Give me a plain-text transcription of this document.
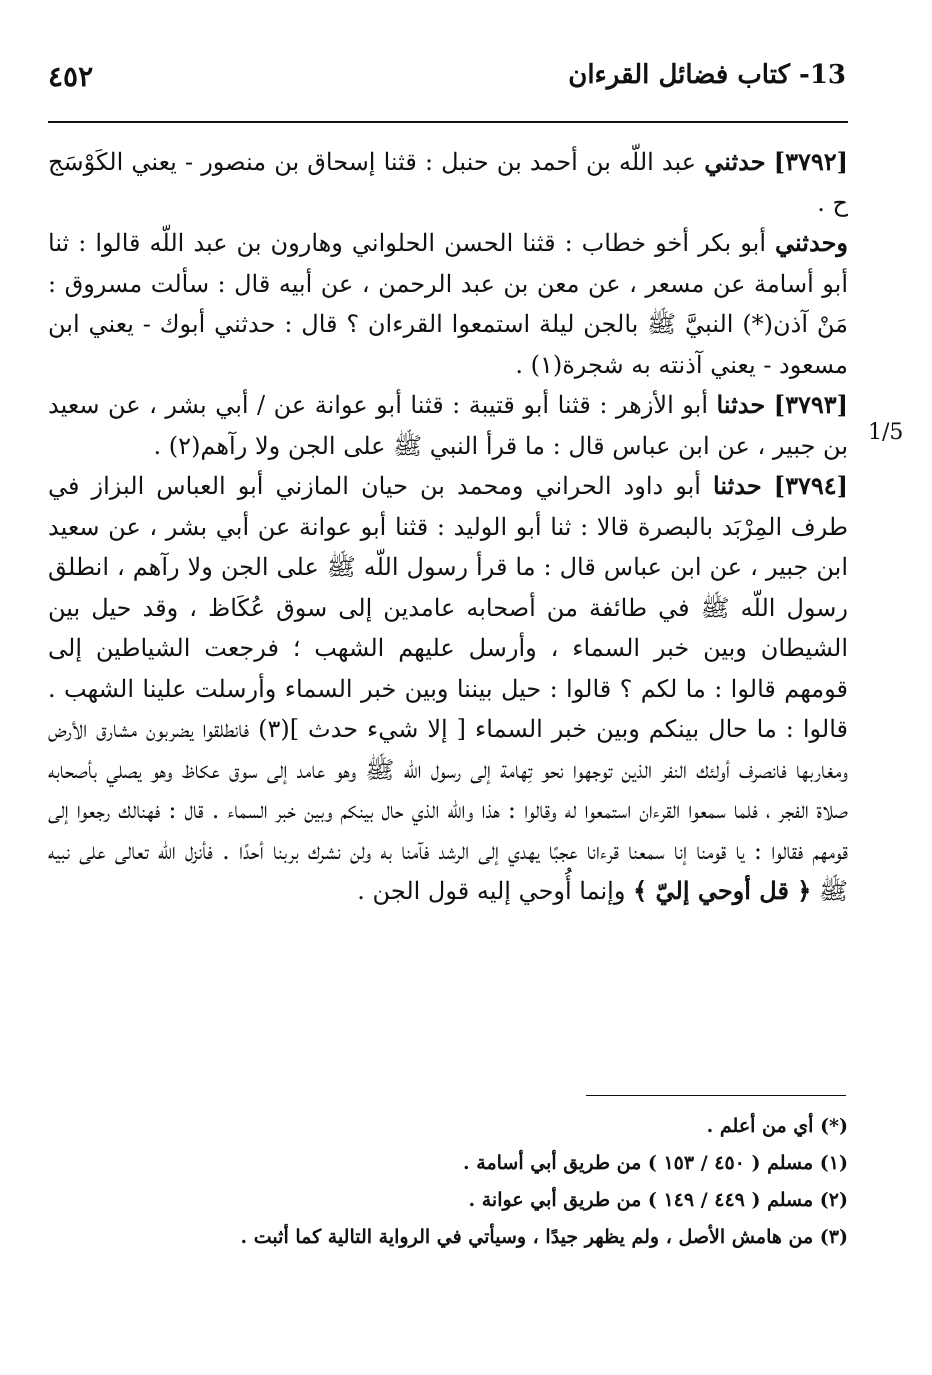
٤٥٢	13- كتاب فضائل القرءان
1/5

[٣٧٩٢] حدثني عبد اللّه بن أحمد بن حنبل : قثنا إسحاق بن منصور - يعني الكَوْسَج ح .

وحدثني أبو بكر أخو خطاب : قثنا الحسن الحلواني وهارون بن عبد اللّه قالوا : ثنا أبو أسامة عن مسعر ، عن معن بن عبد الرحمن ، عن أبيه قال : سألت مسروق : مَنْ آذن(*) النبيَّ ﷺ بالجن ليلة استمعوا القرءان ؟ قال : حدثني أبوك - يعني ابن مسعود - يعني آذنته به شجرة(١) .

[٣٧٩٣] حدثنا أبو الأزهر : قثنا أبو قتيبة : قثنا أبو عوانة عن / أبي بشر ، عن سعيد بن جبير ، عن ابن عباس قال : ما قرأ النبي ﷺ على الجن ولا رآهم(٢) .

[٣٧٩٤] حدثنا أبو داود الحراني ومحمد بن حيان المازني أبو العباس البزاز في طرف المِرْبَد بالبصرة قالا : ثنا أبو الوليد : قثنا أبو عوانة عن أبي بشر ، عن سعيد ابن جبير ، عن ابن عباس قال : ما قرأ رسول اللّه ﷺ على الجن ولا رآهم ، انطلق رسول اللّه ﷺ في طائفة من أصحابه عامدين إلى سوق عُكَاظ ، وقد حيل بين الشيطان وبين خبر السماء ، وأرسل عليهم الشهب ؛ فرجعت الشياطين إلى قومهم قالوا : ما لكم ؟ قالوا : حيل بيننا وبين خبر السماء وأرسلت علينا الشهب . قالوا : ما حال بينكم وبين خبر السماء [ إلا شيء حدث ](٣) فانطلقوا يضربون مشارق الأرض ومغاربها فانصرف أولئك النفر الذين توجهوا نحو تِهامة إلى رسول اللّه ﷺ وهو عامد إلى سوق عكاظ وهو يصلي بأصحابه صلاة الفجر ، فلما سمعوا القرءان استمعوا له وقالوا : هذا واللّه الذي حال بينكم وبين خبر السماء . قال : فهنالك رجعوا إلى قومهم فقالوا : يا قومنا إنا سمعنا قرءانا عجبًا يهدي إلى الرشد فآمنا به ولن نشرك بربنا أحدًا . فأنزل اللّه تعالى على نبيه ﷺ ﴿ قل أوحي إليّ ﴾ وإنما أُوحي إليه قول الجن .

(*) أي من أعلم .

(١) مسلم ( ٤٥٠ / ١٥٣ ) من طريق أبي أسامة .

(٢) مسلم ( ٤٤٩ / ١٤٩ ) من طريق أبي عوانة .

(٣) من هامش الأصل ، ولم يظهر جيدًا ، وسيأتي في الرواية التالية كما أثبت .
